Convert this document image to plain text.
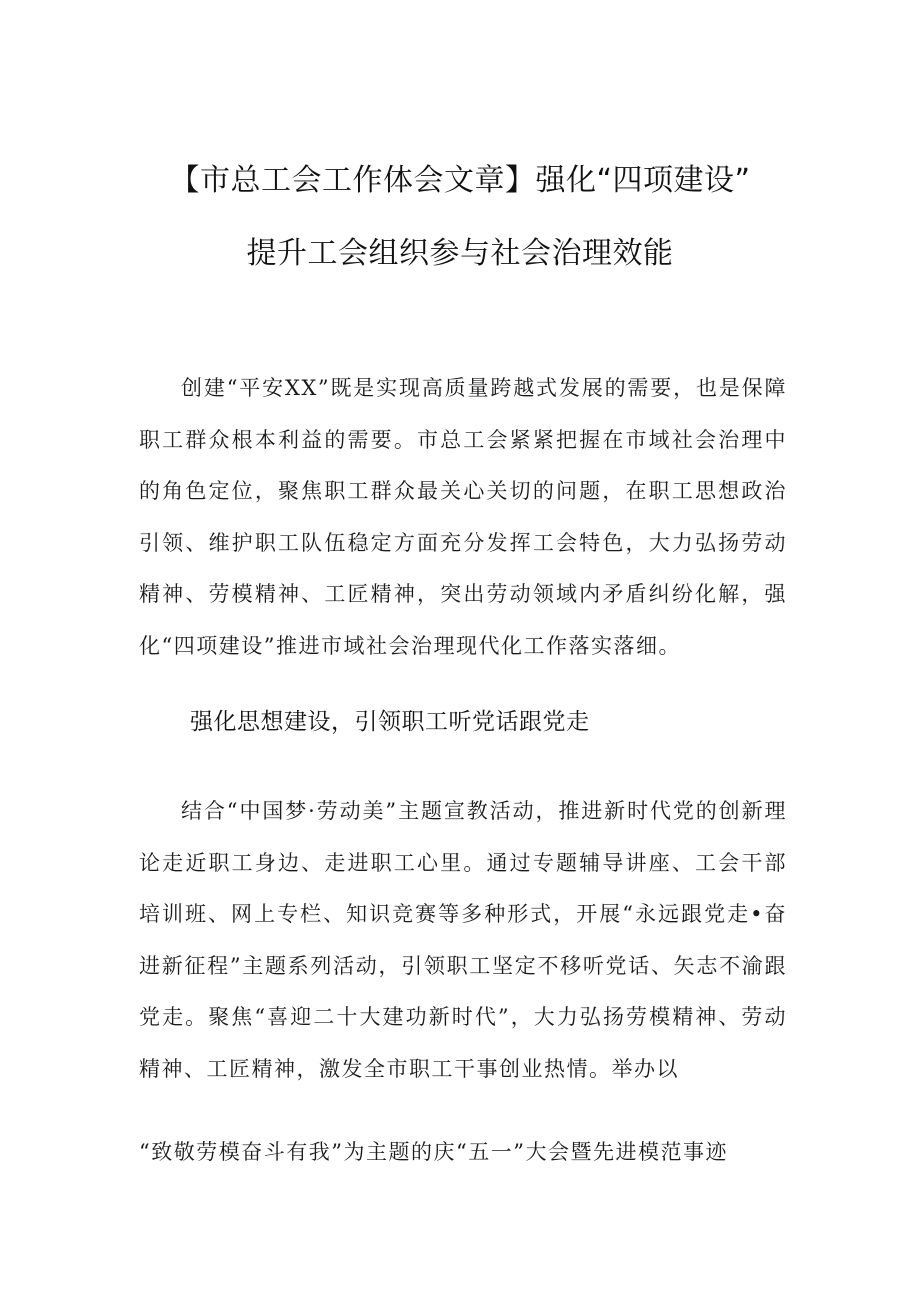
【市总工会工作体会文章】强化“四项建设”
提升工会组织参与社会治理效能

创建“平安XX”既是实现高质量跨越式发展的需要，也是保障职工群众根本利益的需要。市总工会紧紧把握在市域社会治理中的角色定位，聚焦职工群众最关心关切的问题，在职工思想政治引领、维护职工队伍稳定方面充分发挥工会特色，大力弘扬劳动精神、劳模精神、工匠精神，突出劳动领域内矛盾纠纷化解，强化“四项建设”推进市域社会治理现代化工作落实落细。

强化思想建设，引领职工听党话跟党走

结合“中国梦·劳动美”主题宣教活动，推进新时代党的创新理论走近职工身边、走进职工心里。通过专题辅导讲座、工会干部培训班、网上专栏、知识竞赛等多种形式，开展“永远跟党走•奋进新征程”主题系列活动，引领职工坚定不移听党话、矢志不渝跟党走。聚焦“喜迎二十大建功新时代”，大力弘扬劳模精神、劳动精神、工匠精神，激发全市职工干事创业热情。举办以

“致敬劳模奋斗有我”为主题的庆“五一”大会暨先进模范事迹
